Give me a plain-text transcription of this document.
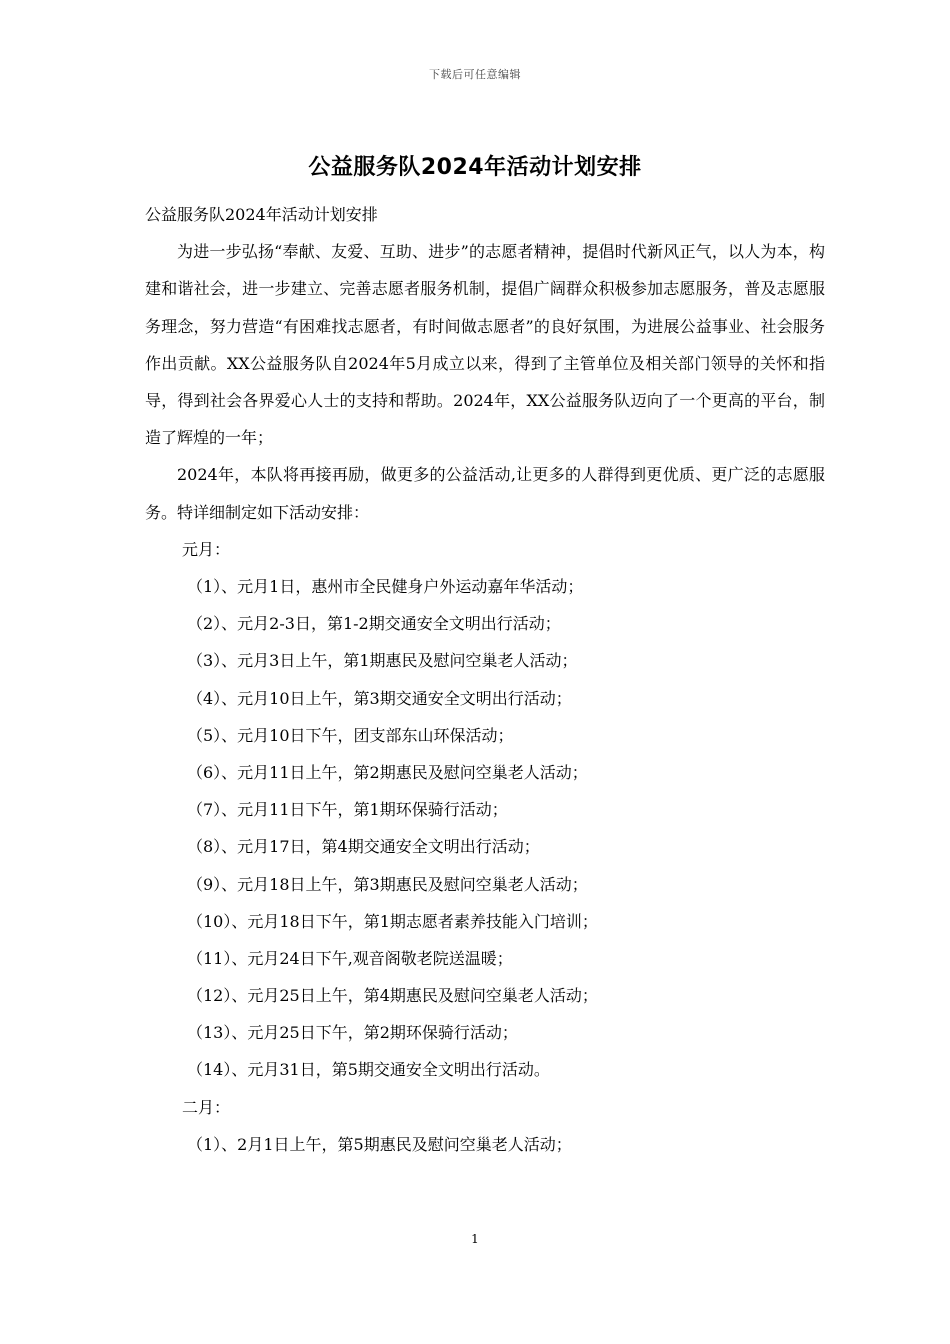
下载后可任意编辑
公益服务队2024年活动计划安排
公益服务队2024年活动计划安排

为进一步弘扬“奉献、友爱、互助、进步”的志愿者精神，提倡时代新风正气，以人为本，构建和谐社会，进一步建立、完善志愿者服务机制，提倡广阔群众积极参加志愿服务，普及志愿服务理念，努力营造“有困难找志愿者，有时间做志愿者”的良好氛围，为进展公益事业、社会服务作出贡献。XX公益服务队自2024年5月成立以来，得到了主管单位及相关部门领导的关怀和指导，得到社会各界爱心人士的支持和帮助。2024年，XX公益服务队迈向了一个更高的平台，制造了辉煌的一年；

2024年，本队将再接再励，做更多的公益活动,让更多的人群得到更优质、更广泛的志愿服务。特详细制定如下活动安排：

元月：
（1）、元月1日，惠州市全民健身户外运动嘉年华活动；
（2）、元月2-3日，第1-2期交通安全文明出行活动；
（3）、元月3日上午，第1期惠民及慰问空巢老人活动；
（4）、元月10日上午，第3期交通安全文明出行活动；
（5）、元月10日下午，团支部东山环保活动；
（6）、元月11日上午，第2期惠民及慰问空巢老人活动；
（7）、元月11日下午，第1期环保骑行活动；
（8）、元月17日，第4期交通安全文明出行活动；
（9）、元月18日上午，第3期惠民及慰问空巢老人活动；
（10）、元月18日下午，第1期志愿者素养技能入门培训；
（11）、元月24日下午,观音阁敬老院送温暖；
（12）、元月25日上午，第4期惠民及慰问空巢老人活动；
（13）、元月25日下午，第2期环保骑行活动；
（14）、元月31日，第5期交通安全文明出行活动。
二月：
（1）、2月1日上午，第5期惠民及慰问空巢老人活动；
1
